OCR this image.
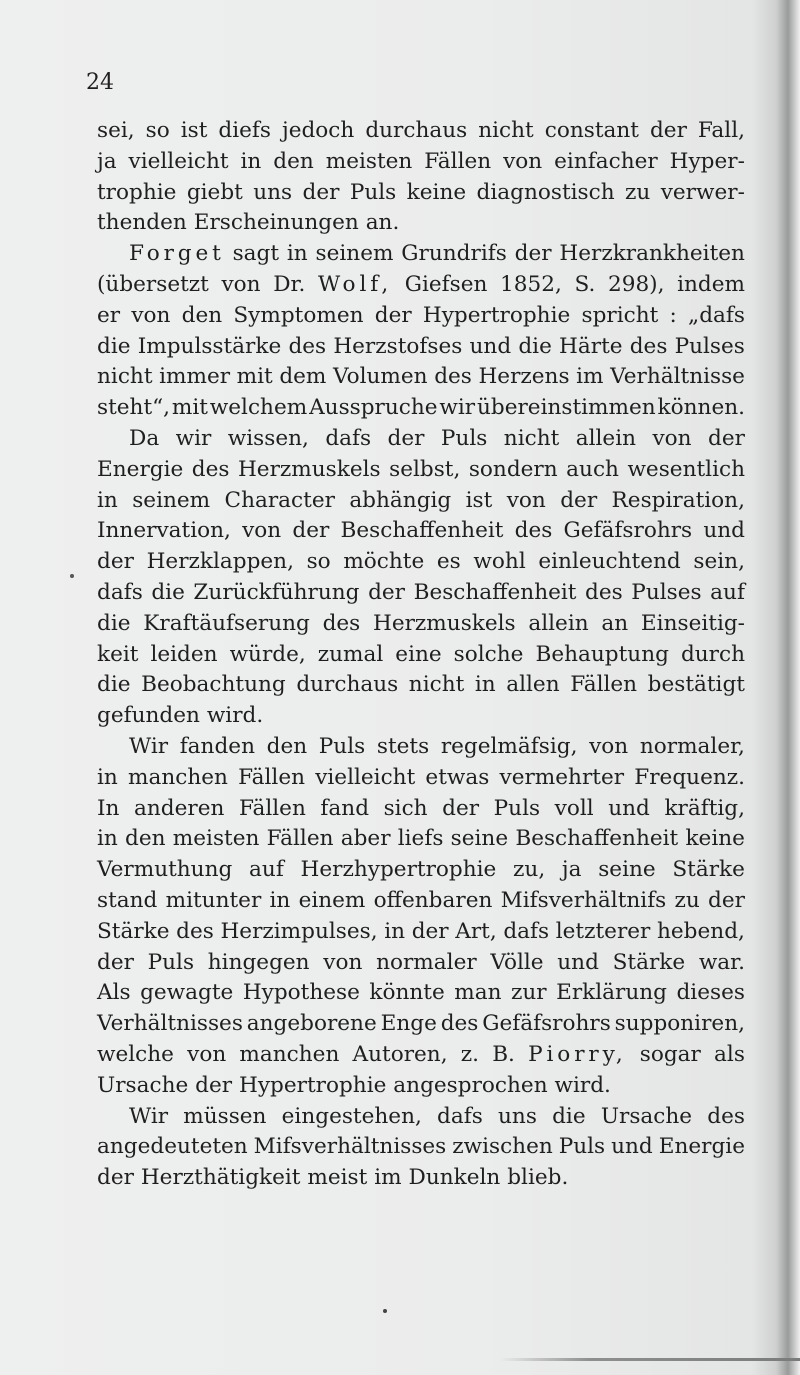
24
sei, so ist diefs jedoch durchaus nicht constant der Fall,
ja vielleicht in den meisten Fällen von einfacher Hyper-
trophie giebt uns der Puls keine diagnostisch zu verwer-
thenden Erscheinungen an.
Forget sagt in seinem Grundrifs der Herzkrankheiten
(übersetzt von Dr. Wolf, Giefsen 1852, S. 298), indem
er von den Symptomen der Hypertrophie spricht : „dafs
die Impulsstärke des Herzstofses und die Härte des Pulses
nicht immer mit dem Volumen des Herzens im Verhältnisse
steht“, mit welchem Ausspruche wir übereinstimmen können.
Da wir wissen, dafs der Puls nicht allein von der
Energie des Herzmuskels selbst, sondern auch wesentlich
in seinem Character abhängig ist von der Respiration,
Innervation, von der Beschaffenheit des Gefäfsrohrs und
der Herzklappen, so möchte es wohl einleuchtend sein,
dafs die Zurückführung der Beschaffenheit des Pulses auf
die Kraftäufserung des Herzmuskels allein an Einseitig-
keit leiden würde, zumal eine solche Behauptung durch
die Beobachtung durchaus nicht in allen Fällen bestätigt
gefunden wird.
Wir fanden den Puls stets regelmäfsig, von normaler,
in manchen Fällen vielleicht etwas vermehrter Frequenz.
In anderen Fällen fand sich der Puls voll und kräftig,
in den meisten Fällen aber liefs seine Beschaffenheit keine
Vermuthung auf Herzhypertrophie zu, ja seine Stärke
stand mitunter in einem offenbaren Mifsverhältnifs zu der
Stärke des Herzimpulses, in der Art, dafs letzterer hebend,
der Puls hingegen von normaler Völle und Stärke war.
Als gewagte Hypothese könnte man zur Erklärung dieses
Verhältnisses angeborene Enge des Gefäfsrohrs supponiren,
welche von manchen Autoren, z. B. Piorry, sogar als
Ursache der Hypertrophie angesprochen wird.
Wir müssen eingestehen, dafs uns die Ursache des
angedeuteten Mifsverhältnisses zwischen Puls und Energie
der Herzthätigkeit meist im Dunkeln blieb.
